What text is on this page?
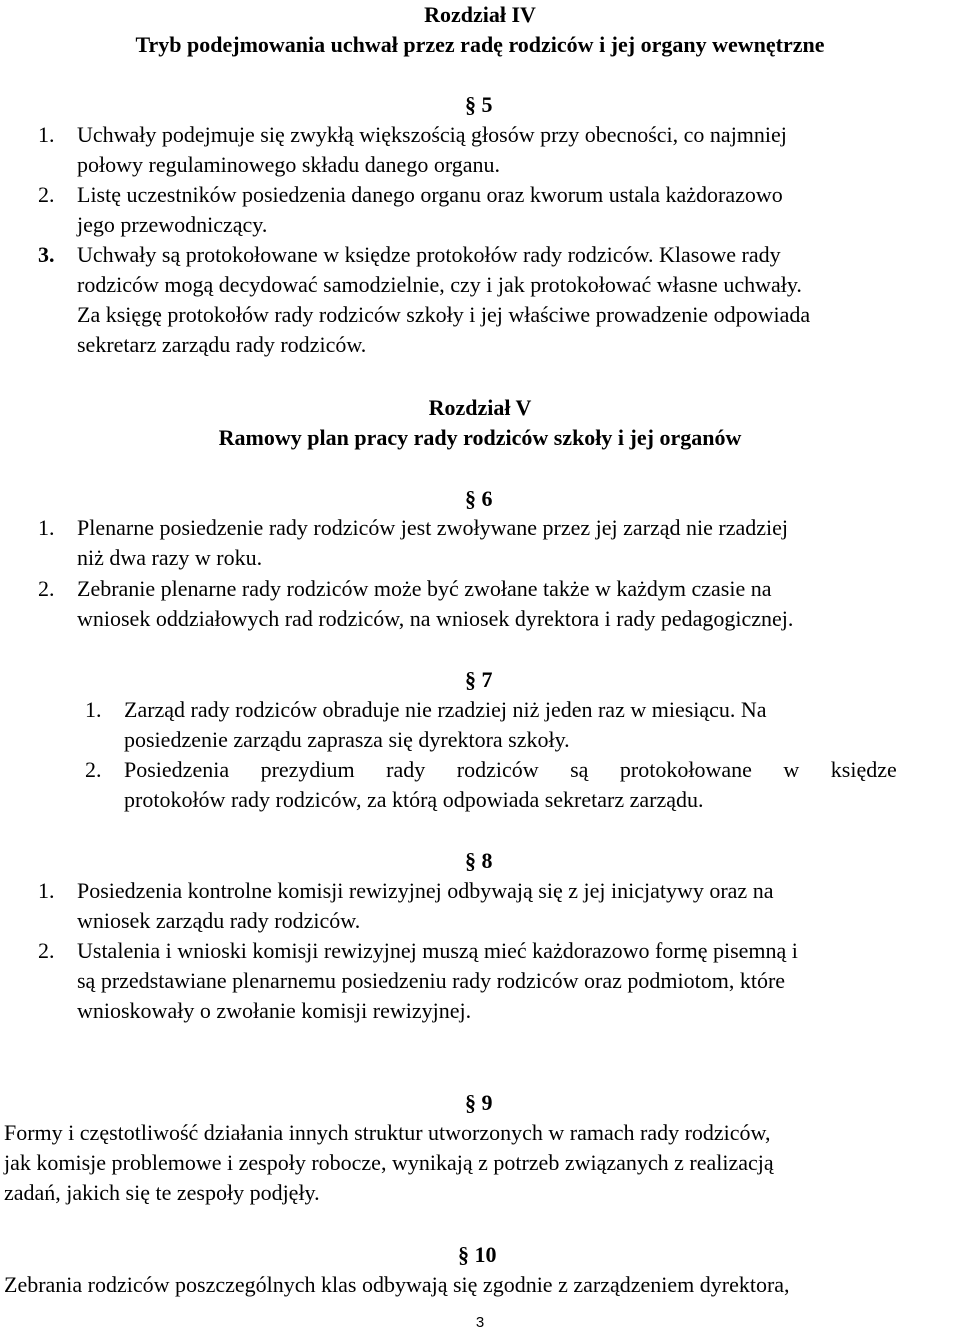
Rozdział IV
Tryb podejmowania uchwał przez radę rodziców i jej organy wewnętrzne
§ 5
1. Uchwały podejmuje się zwykłą większością głosów przy obecności, co najmniej
połowy regulaminowego składu danego organu.
2. Listę uczestników posiedzenia danego organu oraz kworum ustala każdorazowo
jego przewodniczący.
3. Uchwały są protokołowane w księdze protokołów rady rodziców. Klasowe rady
rodziców mogą decydować samodzielnie, czy i jak protokołować własne uchwały.
Za księgę protokołów rady rodziców szkoły i jej właściwe prowadzenie odpowiada
sekretarz zarządu rady rodziców.
Rozdział V
Ramowy plan pracy rady rodziców szkoły i jej organów
§ 6
1. Plenarne posiedzenie rady rodziców jest zwoływane przez jej zarząd nie rzadziej
niż dwa razy w roku.
2. Zebranie plenarne rady rodziców może być zwołane także w każdym czasie na
wniosek oddziałowych rad rodziców, na wniosek dyrektora i rady pedagogicznej.
§ 7
1. Zarząd rady rodziców obraduje nie rzadziej niż jeden raz w miesiącu. Na
posiedzenie zarządu zaprasza się dyrektora szkoły.
2. Posiedzenia prezydium rady rodziców są protokołowane w księdze
protokołów rady rodziców, za którą odpowiada sekretarz zarządu.
§ 8
1. Posiedzenia kontrolne komisji rewizyjnej odbywają się z jej inicjatywy oraz na
wniosek zarządu rady rodziców.
2. Ustalenia i wnioski komisji rewizyjnej muszą mieć każdorazowo formę pisemną i
są przedstawiane plenarnemu posiedzeniu rady rodziców oraz podmiotom, które
wnioskowały o zwołanie komisji rewizyjnej.
§ 9
Formy i częstotliwość działania innych struktur utworzonych w ramach rady rodziców,
jak komisje problemowe i zespoły robocze, wynikają z potrzeb związanych z realizacją
zadań, jakich się te zespoły podjęły.
§ 10
Zebrania rodziców poszczególnych klas odbywają się zgodnie z zarządzeniem dyrektora,
3
